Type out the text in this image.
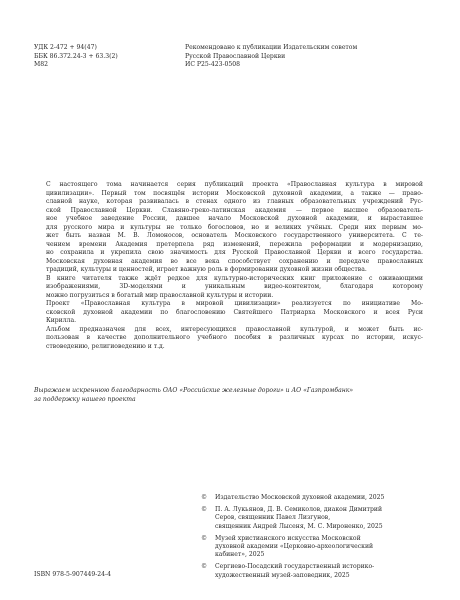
УДК 2-472 + 94(47)
ББК 86.372.24-3 + 63.3(2)
М82
Рекомендовано к публикации Издательским советом
Русской Православной Церкви
ИС Р25-423-0508

С настоящего тома начинается серия публикаций проекта «Православная культура в мировой
цивилизации». Первый том посвящён истории Московской духовной академии, а также — право-
славной науке, которая развивалась в стенах одного из главных образовательных учреждений Рус-
ской Православной Церкви. Славяно-греко-латинская академия — первое высшее образователь-
ное учебное заведение России, давшее начало Московской духовной академии, и выраставшее
для русского мира и культуры не только богословов, но и великих учёных. Среди них первым мо-
жет быть назван М. В. Ломоносов, основатель Московского государственного университета. С те-
чением времени Академия претерпела ряд изменений, пережила реформации и модернизацию,
но сохранила и укрепила свою значимость для Русской Православной Церкви и всего государства.
Московская духовная академия во все века способствует сохранению и передаче православных
традиций, культуры и ценностей, играет важную роль в формировании духовной жизни общества.

В книге читателя также ждёт редкое для культурно-исторических книг приложение с оживающими
изображениями, 3D-моделями и уникальным видео-контентом, благодаря которому
можно погрузиться в богатый мир православной культуры и истории.

Проект «Православная культура в мировой цивилизации» реализуется по инициативе Мо-
сковской духовной академии по благословению Святейшего Патриарха Московского и всея Руси
Кирилла.

Альбом предназначен для всех, интересующихся православной культурой, и может быть ис-
пользован в качестве дополнительного учебного пособия в различных курсах по истории, искус-
ствоведению, религиоведению и т.д.

Выражаем искреннюю благодарность ОАО «Российские железные дороги» и АО «Газпромбанк»
за поддержку нашего проекта
© Издательство Московской духовной академии, 2025
© П. А. Лукьянов, Д. В. Семиколов, диакон Димитрий
Серов, священник Павел Лизгунов,
священник Андрей Лысеня, М. С. Мироненко, 2025
© Музей христианского искусства Московской
духовной академии «Церковно-археологический
кабинет», 2025
© Сергиево-Посадский государственный историко-
художественный музей-заповедник, 2025
ISBN 978-5-907449-24-4
